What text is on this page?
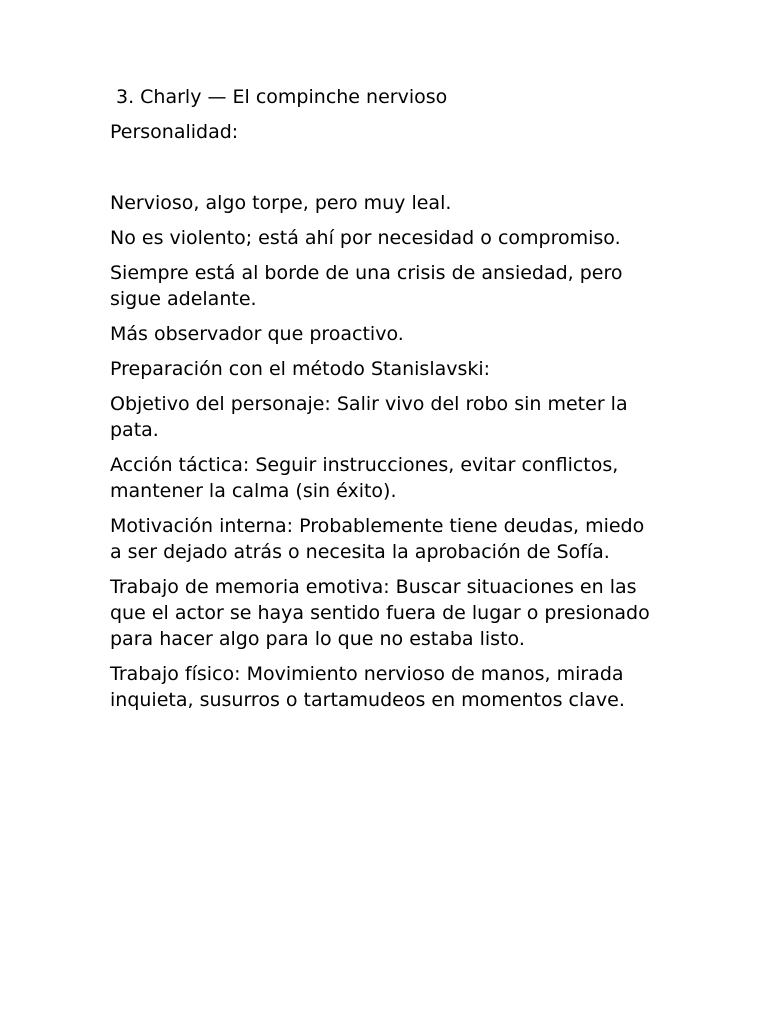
3. Charly — El compinche nervioso

Personalidad:

Nervioso, algo torpe, pero muy leal.

No es violento; está ahí por necesidad o compromiso.

Siempre está al borde de una crisis de ansiedad, pero sigue adelante.

Más observador que proactivo.

Preparación con el método Stanislavski:

Objetivo del personaje: Salir vivo del robo sin meter la pata.

Acción táctica: Seguir instrucciones, evitar conflictos, mantener la calma (sin éxito).

Motivación interna: Probablemente tiene deudas, miedo a ser dejado atrás o necesita la aprobación de Sofía.

Trabajo de memoria emotiva: Buscar situaciones en las que el actor se haya sentido fuera de lugar o presionado para hacer algo para lo que no estaba listo.

Trabajo físico: Movimiento nervioso de manos, mirada inquieta, susurros o tartamudeos en momentos clave.
